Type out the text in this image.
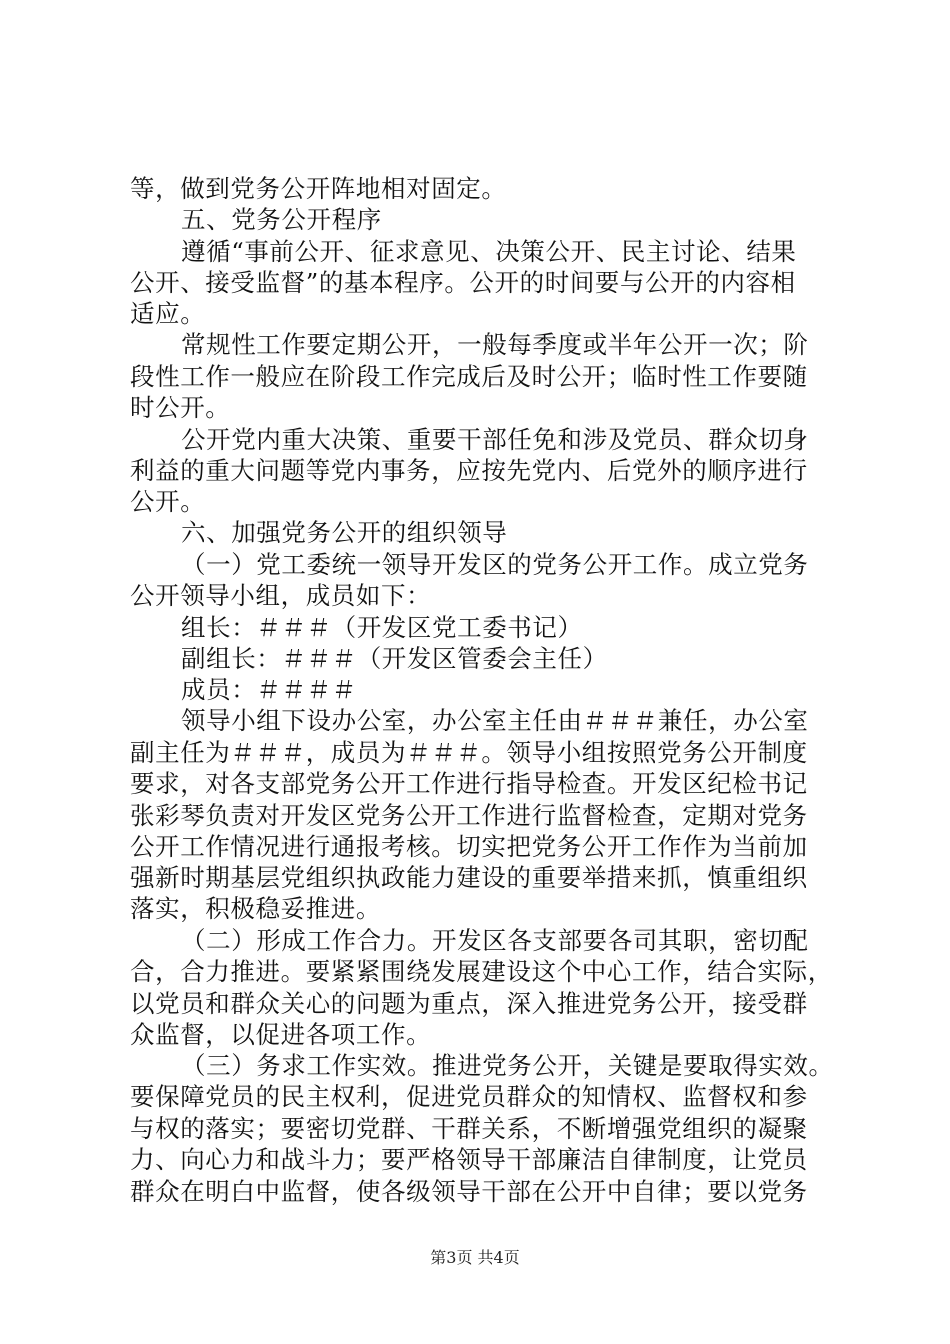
等，做到党务公开阵地相对固定。
五、党务公开程序
遵循“事前公开、征求意见、决策公开、民主讨论、结果
公开、接受监督”的基本程序。公开的时间要与公开的内容相
适应。
常规性工作要定期公开，一般每季度或半年公开一次；阶
段性工作一般应在阶段工作完成后及时公开；临时性工作要随
时公开。
公开党内重大决策、重要干部任免和涉及党员、群众切身
利益的重大问题等党内事务，应按先党内、后党外的顺序进行
公开。
六、加强党务公开的组织领导
（一）党工委统一领导开发区的党务公开工作。成立党务
公开领导小组，成员如下：
组长：＃＃＃（开发区党工委书记）
副组长：＃＃＃（开发区管委会主任）
成员：＃＃＃＃
领导小组下设办公室，办公室主任由＃＃＃兼任，办公室
副主任为＃＃＃，成员为＃＃＃。领导小组按照党务公开制度
要求，对各支部党务公开工作进行指导检查。开发区纪检书记
张彩琴负责对开发区党务公开工作进行监督检查，定期对党务
公开工作情况进行通报考核。切实把党务公开工作作为当前加
强新时期基层党组织执政能力建设的重要举措来抓，慎重组织
落实，积极稳妥推进。
（二）形成工作合力。开发区各支部要各司其职，密切配
合，合力推进。要紧紧围绕发展建设这个中心工作，结合实际，
以党员和群众关心的问题为重点，深入推进党务公开，接受群
众监督，以促进各项工作。
（三）务求工作实效。推进党务公开，关键是要取得实效。
要保障党员的民主权利，促进党员群众的知情权、监督权和参
与权的落实；要密切党群、干群关系，不断增强党组织的凝聚
力、向心力和战斗力；要严格领导干部廉洁自律制度，让党员
群众在明白中监督，使各级领导干部在公开中自律；要以党务
第3页 共4页
